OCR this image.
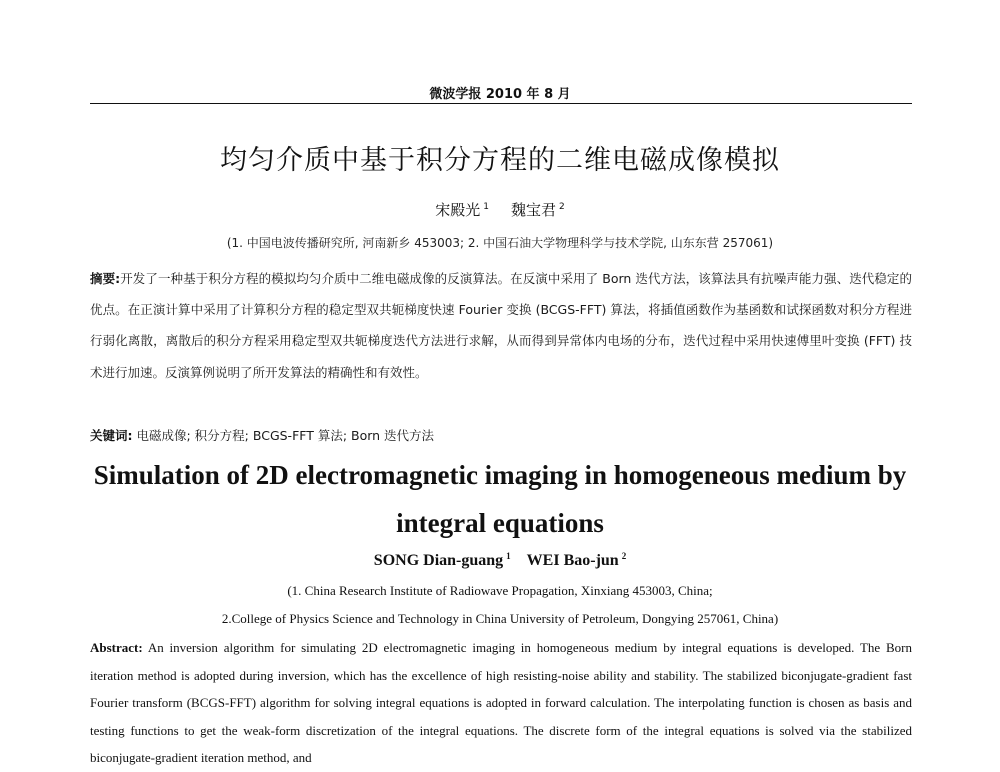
微波学报 2010 年 8 月
均匀介质中基于积分方程的二维电磁成像模拟
宋殿光 $^1$ 魏宝君 $^2$
(1. 中国电波传播研究所, 河南新乡 453003; 2. 中国石油大学物理科学与技术学院, 山东东营 257061)
摘要:开发了一种基于积分方程的模拟均匀介质中二维电磁成像的反演算法。在反演中采用了 Born 迭代方法，该算法具有抗噪声能力强、迭代稳定的优点。在正演计算中采用了计算积分方程的稳定型双共轭梯度快速 Fourier 变换 (BCGS-FFT) 算法，将插值函数作为基函数和试探函数对积分方程进行弱化离散，离散后的积分方程采用稳定型双共轭梯度迭代方法进行求解，从而得到异常体内电场的分布，迭代过程中采用快速傅里叶变换 (FFT) 技术进行加速。反演算例说明了所开发算法的精确性和有效性。
关键词: 电磁成像; 积分方程; BCGS-FFT 算法; Born 迭代方法
Simulation of 2D electromagnetic imaging in homogeneous medium by integral equations
SONG Dian-guang $^1$ WEI Bao-jun $^2$
(1. China Research Institute of Radiowave Propagation, Xinxiang 453003, China;
2.College of Physics Science and Technology in China University of Petroleum, Dongying 257061, China)
Abstract: An inversion algorithm for simulating 2D electromagnetic imaging in homogeneous medium by integral equations is developed. The Born iteration method is adopted during inversion, which has the excellence of high resisting-noise ability and stability. The stabilized biconjugate-gradient fast Fourier transform (BCGS-FFT) algorithm for solving integral equations is adopted in forward calculation. The interpolating function is chosen as basis and testing functions to get the weak-form discretization of the integral equations. The discrete form of the integral equations is solved via the stabilized biconjugate-gradient iteration method, and
